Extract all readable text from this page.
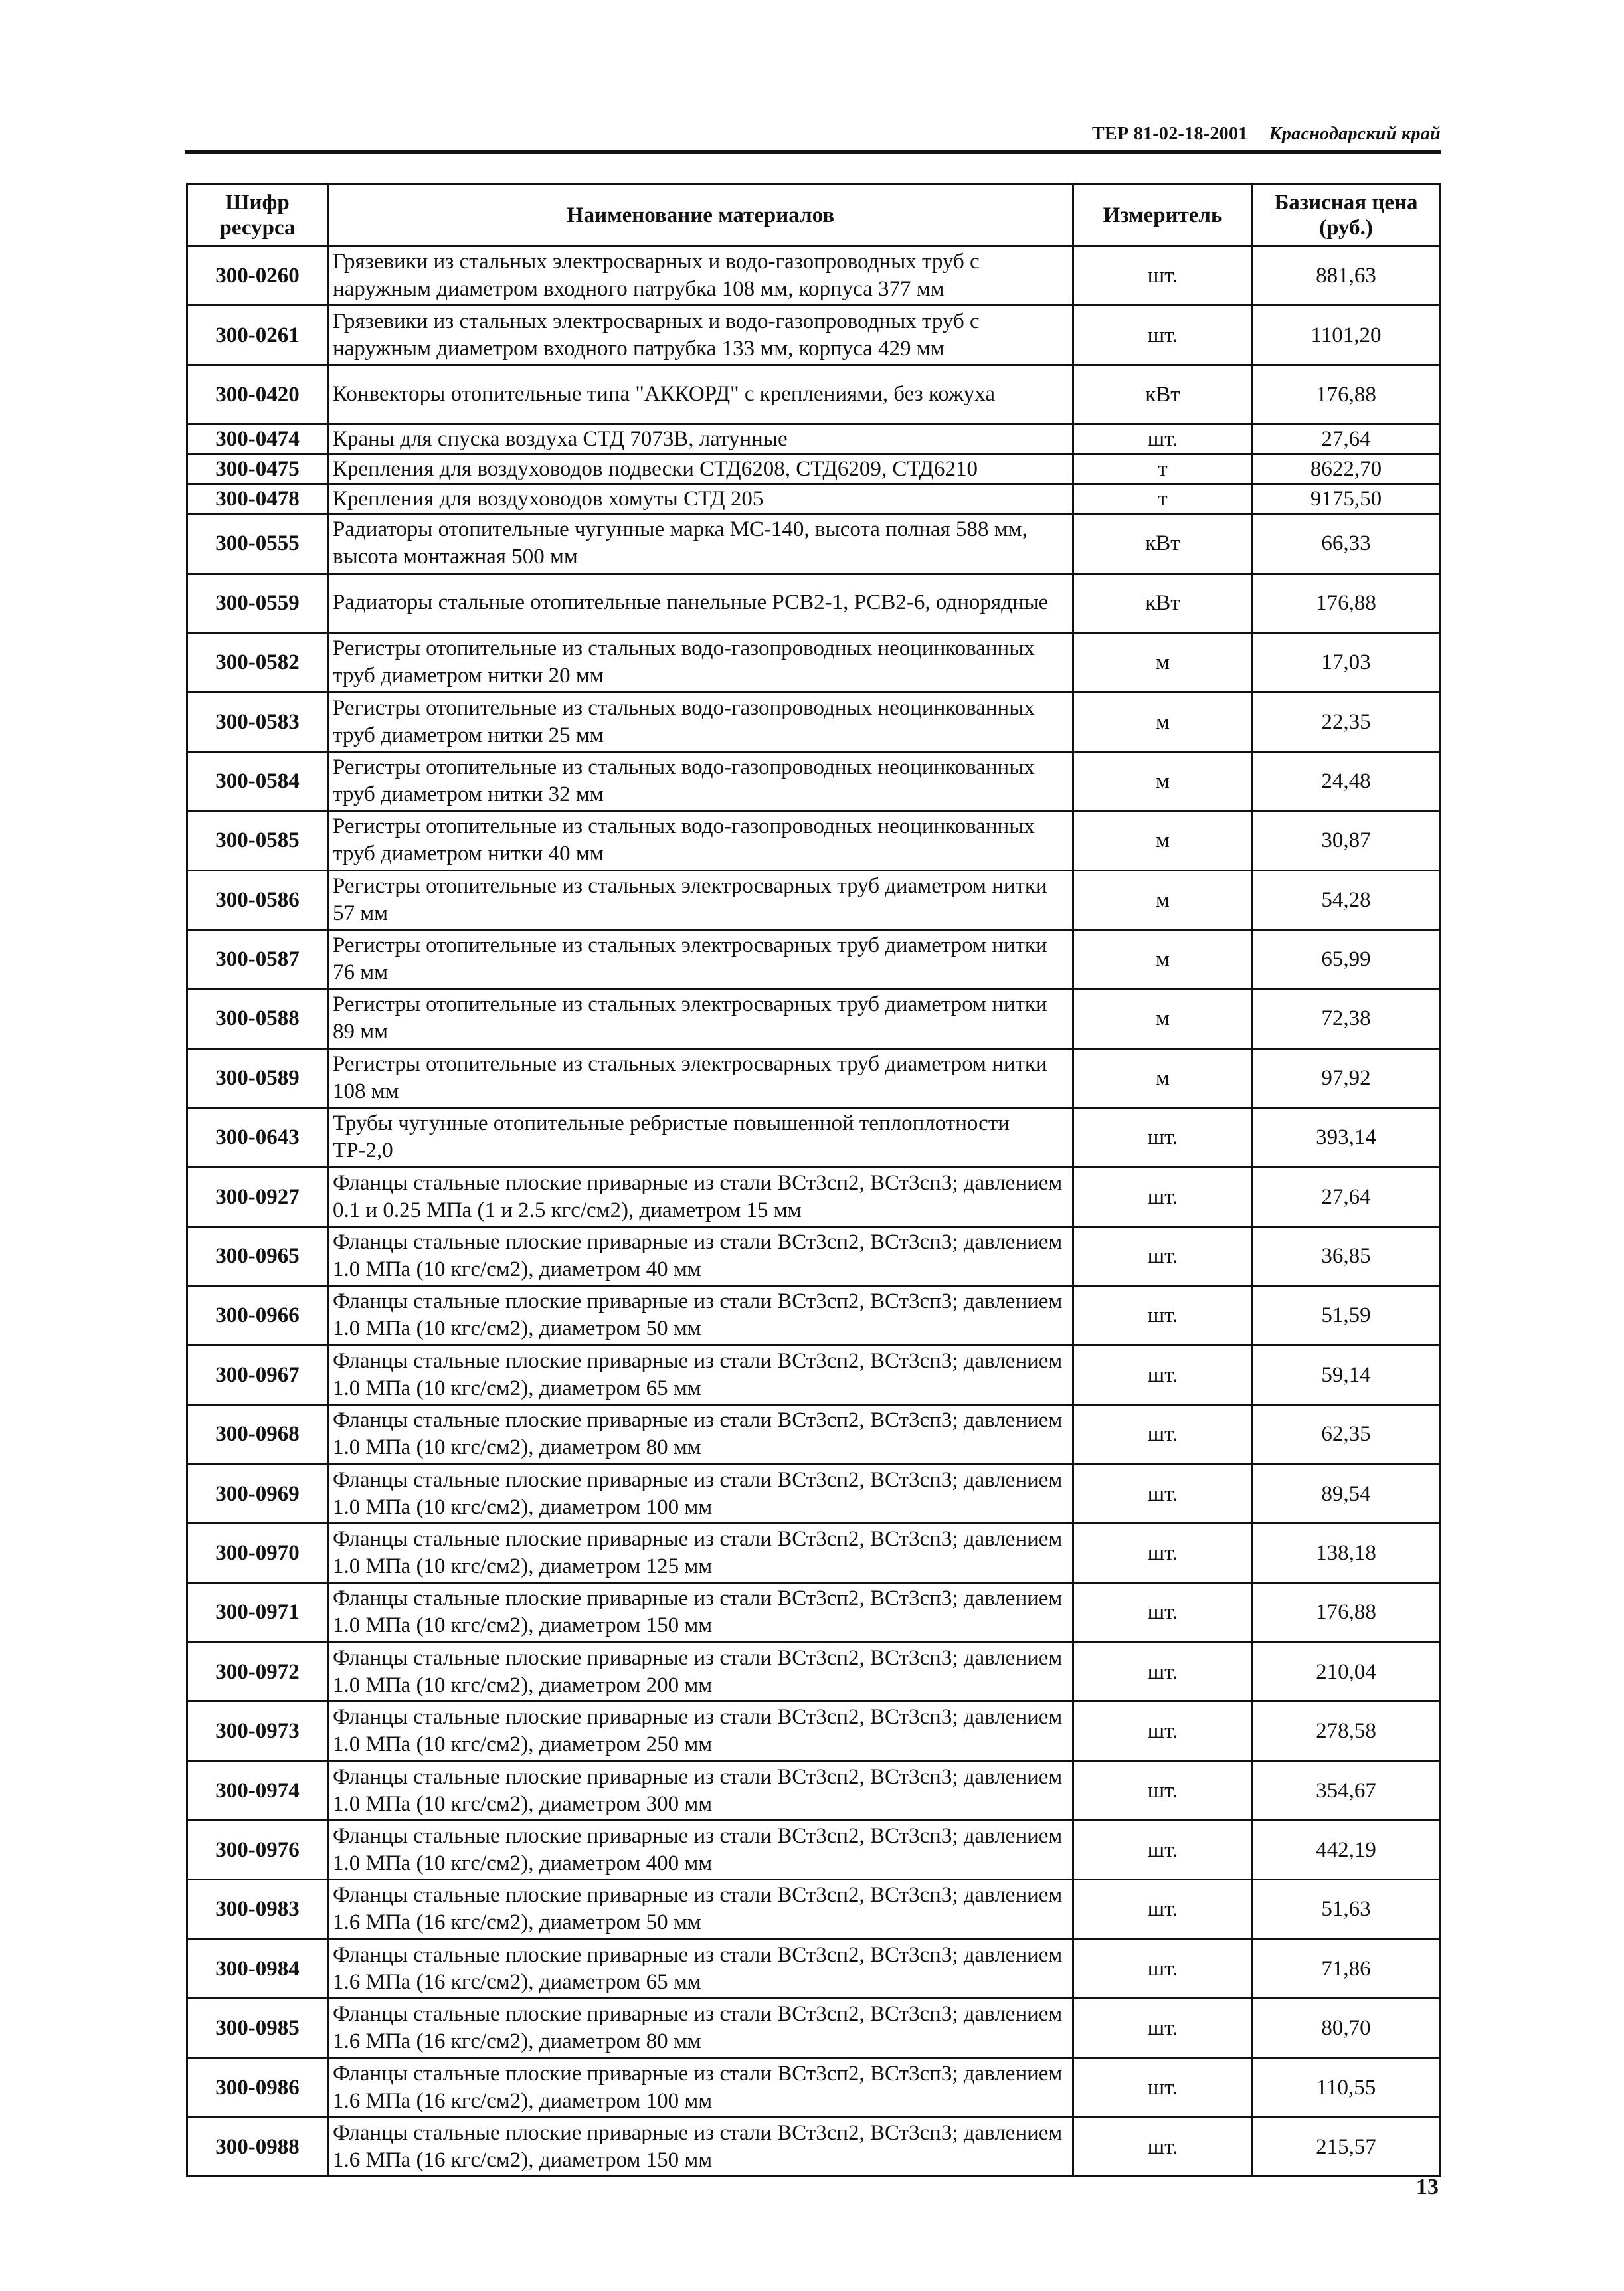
ТЕР 81-02-18-2001 Краснодарский край
Шифр ресурса	Наименование материалов	Измеритель	Базисная цена (руб.)
300-0260	Грязевики из стальных электросварных и водо-газопроводных труб с наружным диаметром входного патрубка 108 мм, корпуса 377 мм	шт.	881,63
300-0261	Грязевики из стальных электросварных и водо-газопроводных труб с наружным диаметром входного патрубка 133 мм, корпуса 429 мм	шт.	1101,20
300-0420	Конвекторы отопительные типа "АККОРД" с креплениями, без кожуха	кВт	176,88
300-0474	Краны для спуска воздуха СТД 7073В, латунные	шт.	27,64
300-0475	Крепления для воздуховодов подвески СТД6208, СТД6209, СТД6210	т	8622,70
300-0478	Крепления для воздуховодов хомуты СТД 205	т	9175,50
300-0555	Радиаторы отопительные чугунные марка МС-140, высота полная 588 мм, высота монтажная 500 мм	кВт	66,33
300-0559	Радиаторы стальные отопительные панельные РСВ2-1, РСВ2-6, однорядные	кВт	176,88
300-0582	Регистры отопительные из стальных водо-газопроводных неоцинкованных труб диаметром нитки 20 мм	м	17,03
300-0583	Регистры отопительные из стальных водо-газопроводных неоцинкованных труб диаметром нитки 25 мм	м	22,35
300-0584	Регистры отопительные из стальных водо-газопроводных неоцинкованных труб диаметром нитки 32 мм	м	24,48
300-0585	Регистры отопительные из стальных водо-газопроводных неоцинкованных труб диаметром нитки 40 мм	м	30,87
300-0586	Регистры отопительные из стальных электросварных труб диаметром нитки 57 мм	м	54,28
300-0587	Регистры отопительные из стальных электросварных труб диаметром нитки 76 мм	м	65,99
300-0588	Регистры отопительные из стальных электросварных труб диаметром нитки 89 мм	м	72,38
300-0589	Регистры отопительные из стальных электросварных труб диаметром нитки 108 мм	м	97,92
300-0643	Трубы чугунные отопительные ребристые повышенной теплоплотности ТР-2,0	шт.	393,14
300-0927	Фланцы стальные плоские приварные из стали ВСт3сп2, ВСт3сп3; давлением 0.1 и 0.25 МПа (1 и 2.5 кгс/см2), диаметром 15 мм	шт.	27,64
300-0965	Фланцы стальные плоские приварные из стали ВСт3сп2, ВСт3сп3; давлением 1.0 МПа (10 кгс/см2), диаметром 40 мм	шт.	36,85
300-0966	Фланцы стальные плоские приварные из стали ВСт3сп2, ВСт3сп3; давлением 1.0 МПа (10 кгс/см2), диаметром 50 мм	шт.	51,59
300-0967	Фланцы стальные плоские приварные из стали ВСт3сп2, ВСт3сп3; давлением 1.0 МПа (10 кгс/см2), диаметром 65 мм	шт.	59,14
300-0968	Фланцы стальные плоские приварные из стали ВСт3сп2, ВСт3сп3; давлением 1.0 МПа (10 кгс/см2), диаметром 80 мм	шт.	62,35
300-0969	Фланцы стальные плоские приварные из стали ВСт3сп2, ВСт3сп3; давлением 1.0 МПа (10 кгс/см2), диаметром 100 мм	шт.	89,54
300-0970	Фланцы стальные плоские приварные из стали ВСт3сп2, ВСт3сп3; давлением 1.0 МПа (10 кгс/см2), диаметром 125 мм	шт.	138,18
300-0971	Фланцы стальные плоские приварные из стали ВСт3сп2, ВСт3сп3; давлением 1.0 МПа (10 кгс/см2), диаметром 150 мм	шт.	176,88
300-0972	Фланцы стальные плоские приварные из стали ВСт3сп2, ВСт3сп3; давлением 1.0 МПа (10 кгс/см2), диаметром 200 мм	шт.	210,04
300-0973	Фланцы стальные плоские приварные из стали ВСт3сп2, ВСт3сп3; давлением 1.0 МПа (10 кгс/см2), диаметром 250 мм	шт.	278,58
300-0974	Фланцы стальные плоские приварные из стали ВСт3сп2, ВСт3сп3; давлением 1.0 МПа (10 кгс/см2), диаметром 300 мм	шт.	354,67
300-0976	Фланцы стальные плоские приварные из стали ВСт3сп2, ВСт3сп3; давлением 1.0 МПа (10 кгс/см2), диаметром 400 мм	шт.	442,19
300-0983	Фланцы стальные плоские приварные из стали ВСт3сп2, ВСт3сп3; давлением 1.6 МПа (16 кгс/см2), диаметром 50 мм	шт.	51,63
300-0984	Фланцы стальные плоские приварные из стали ВСт3сп2, ВСт3сп3; давлением 1.6 МПа (16 кгс/см2), диаметром 65 мм	шт.	71,86
300-0985	Фланцы стальные плоские приварные из стали ВСт3сп2, ВСт3сп3; давлением 1.6 МПа (16 кгс/см2), диаметром 80 мм	шт.	80,70
300-0986	Фланцы стальные плоские приварные из стали ВСт3сп2, ВСт3сп3; давлением 1.6 МПа (16 кгс/см2), диаметром 100 мм	шт.	110,55
300-0988	Фланцы стальные плоские приварные из стали ВСт3сп2, ВСт3сп3; давлением 1.6 МПа (16 кгс/см2), диаметром 150 мм	шт.	215,57
13
